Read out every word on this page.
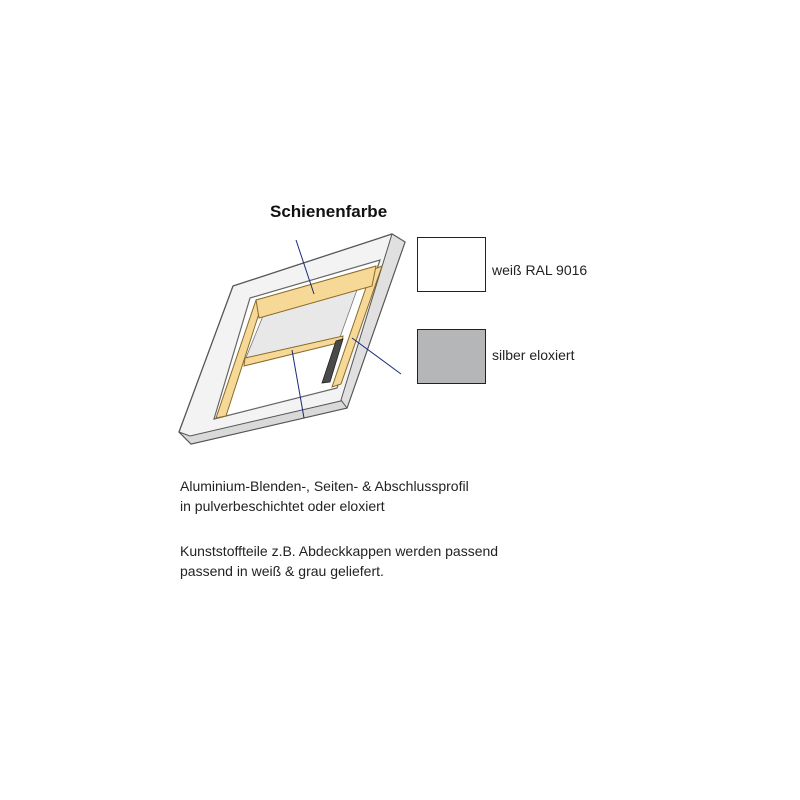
Schienenfarbe
weiß RAL 9016
silber eloxiert
Aluminium-Blenden-, Seiten- & Abschlussprofil
in pulverbeschichtet oder eloxiert
Kunststoffteile z.B. Abdeckkappen werden passend
passend in weiß & grau geliefert.
